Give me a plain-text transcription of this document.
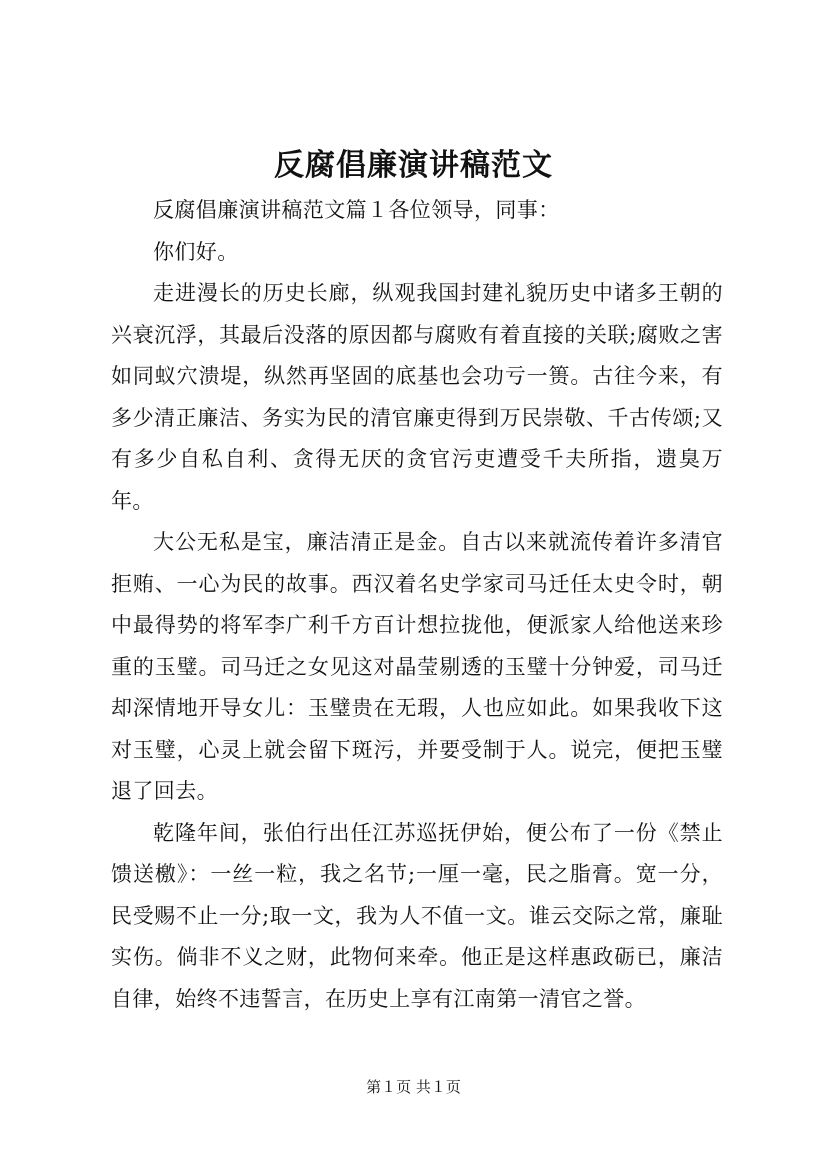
反腐倡廉演讲稿范文

反腐倡廉演讲稿范文篇１各位领导，同事：

你们好。

走进漫长的历史长廊，纵观我国封建礼貌历史中诸多王朝的兴衰沉浮，其最后没落的原因都与腐败有着直接的关联;腐败之害如同蚁穴溃堤，纵然再坚固的底基也会功亏一篑。古往今来，有多少清正廉洁、务实为民的清官廉吏得到万民崇敬、千古传颂;又有多少自私自利、贪得无厌的贪官污吏遭受千夫所指，遗臭万年。

大公无私是宝，廉洁清正是金。自古以来就流传着许多清官拒贿、一心为民的故事。西汉着名史学家司马迁任太史令时，朝中最得势的将军李广利千方百计想拉拢他，便派家人给他送来珍重的玉璧。司马迁之女见这对晶莹剔透的玉璧十分钟爱，司马迁却深情地开导女儿：玉璧贵在无瑕，人也应如此。如果我收下这对玉璧，心灵上就会留下斑污，并要受制于人。说完，便把玉璧退了回去。

乾隆年间，张伯行出任江苏巡抚伊始，便公布了一份《禁止馈送檄》：一丝一粒，我之名节;一厘一毫，民之脂膏。宽一分，民受赐不止一分;取一文，我为人不值一文。谁云交际之常，廉耻实伤。倘非不义之财，此物何来牵。他正是这样惠政砺已，廉洁自律，始终不违誓言，在历史上享有江南第一清官之誉。

第１页 共１页
